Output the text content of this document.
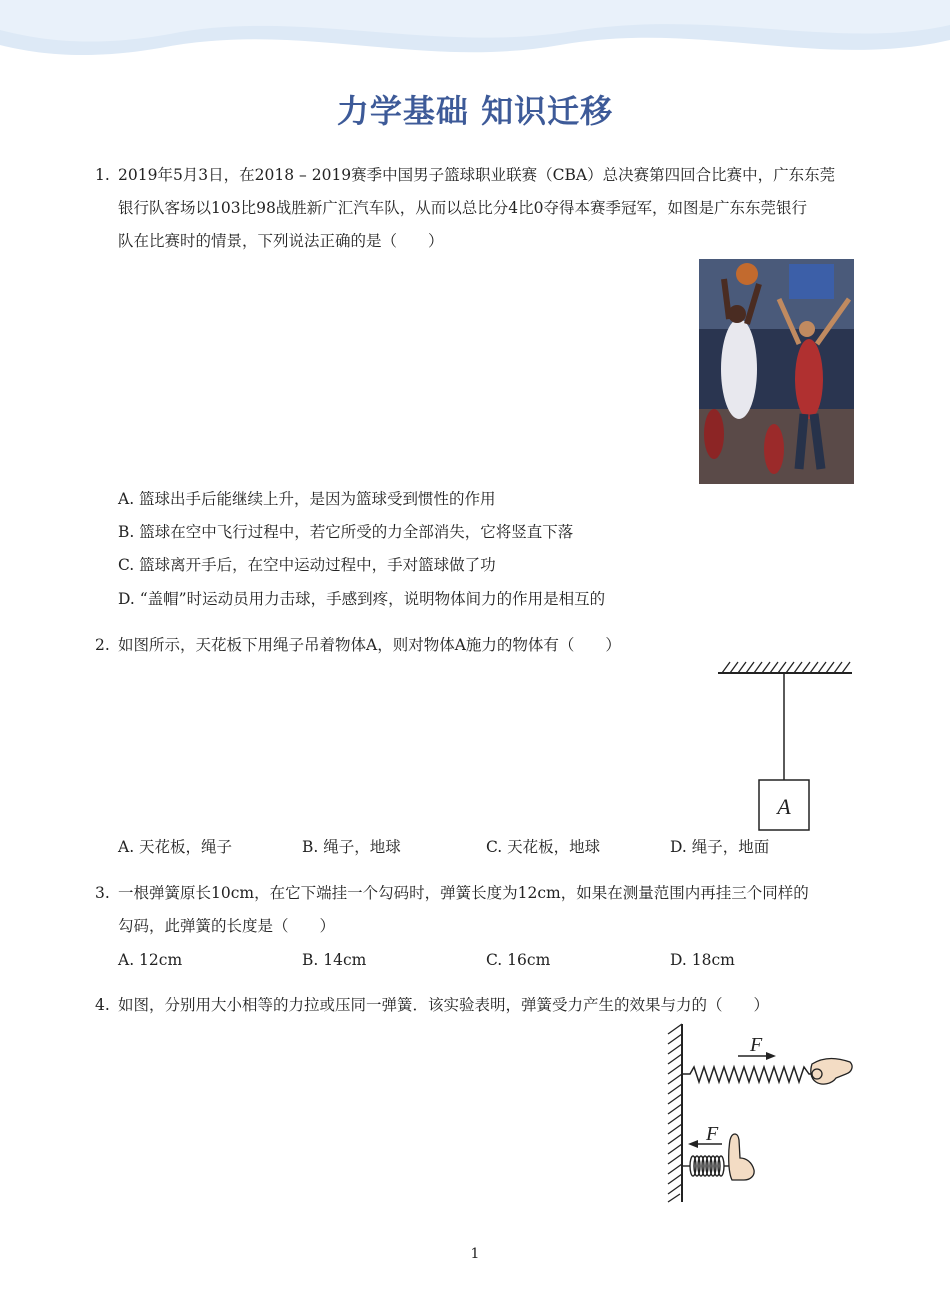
力学基础 知识迁移
1. 2019年5月3日，在2018 – 2019赛季中国男子篮球职业联赛（CBA）总决赛第四回合比赛中，广东东莞
银行队客场以103比98战胜新广汇汽车队，从而以总比分4比0夺得本赛季冠军，如图是广东东莞银行
队在比赛时的情景，下列说法正确的是（　　）
A. 篮球出手后能继续上升，是因为篮球受到惯性的作用
B. 篮球在空中飞行过程中，若它所受的力全部消失，它将竖直下落
C. 篮球离开手后，在空中运动过程中，手对篮球做了功
D. “盖帽”时运动员用力击球，手感到疼，说明物体间力的作用是相互的
2. 如图所示，天花板下用绳子吊着物体A，则对物体A施力的物体有（　　）
A
A. 天花板，绳子	B. 绳子，地球	C. 天花板，地球	D. 绳子，地面
3. 一根弹簧原长10cm，在它下端挂一个勾码时，弹簧长度为12cm，如果在测量范围内再挂三个同样的
勾码，此弹簧的长度是（　　）
A. 12cm	B. 14cm	C. 16cm	D. 18cm
4. 如图，分别用大小相等的力拉或压同一弹簧．该实验表明，弹簧受力产生的效果与力的（　　）
F
F
1
